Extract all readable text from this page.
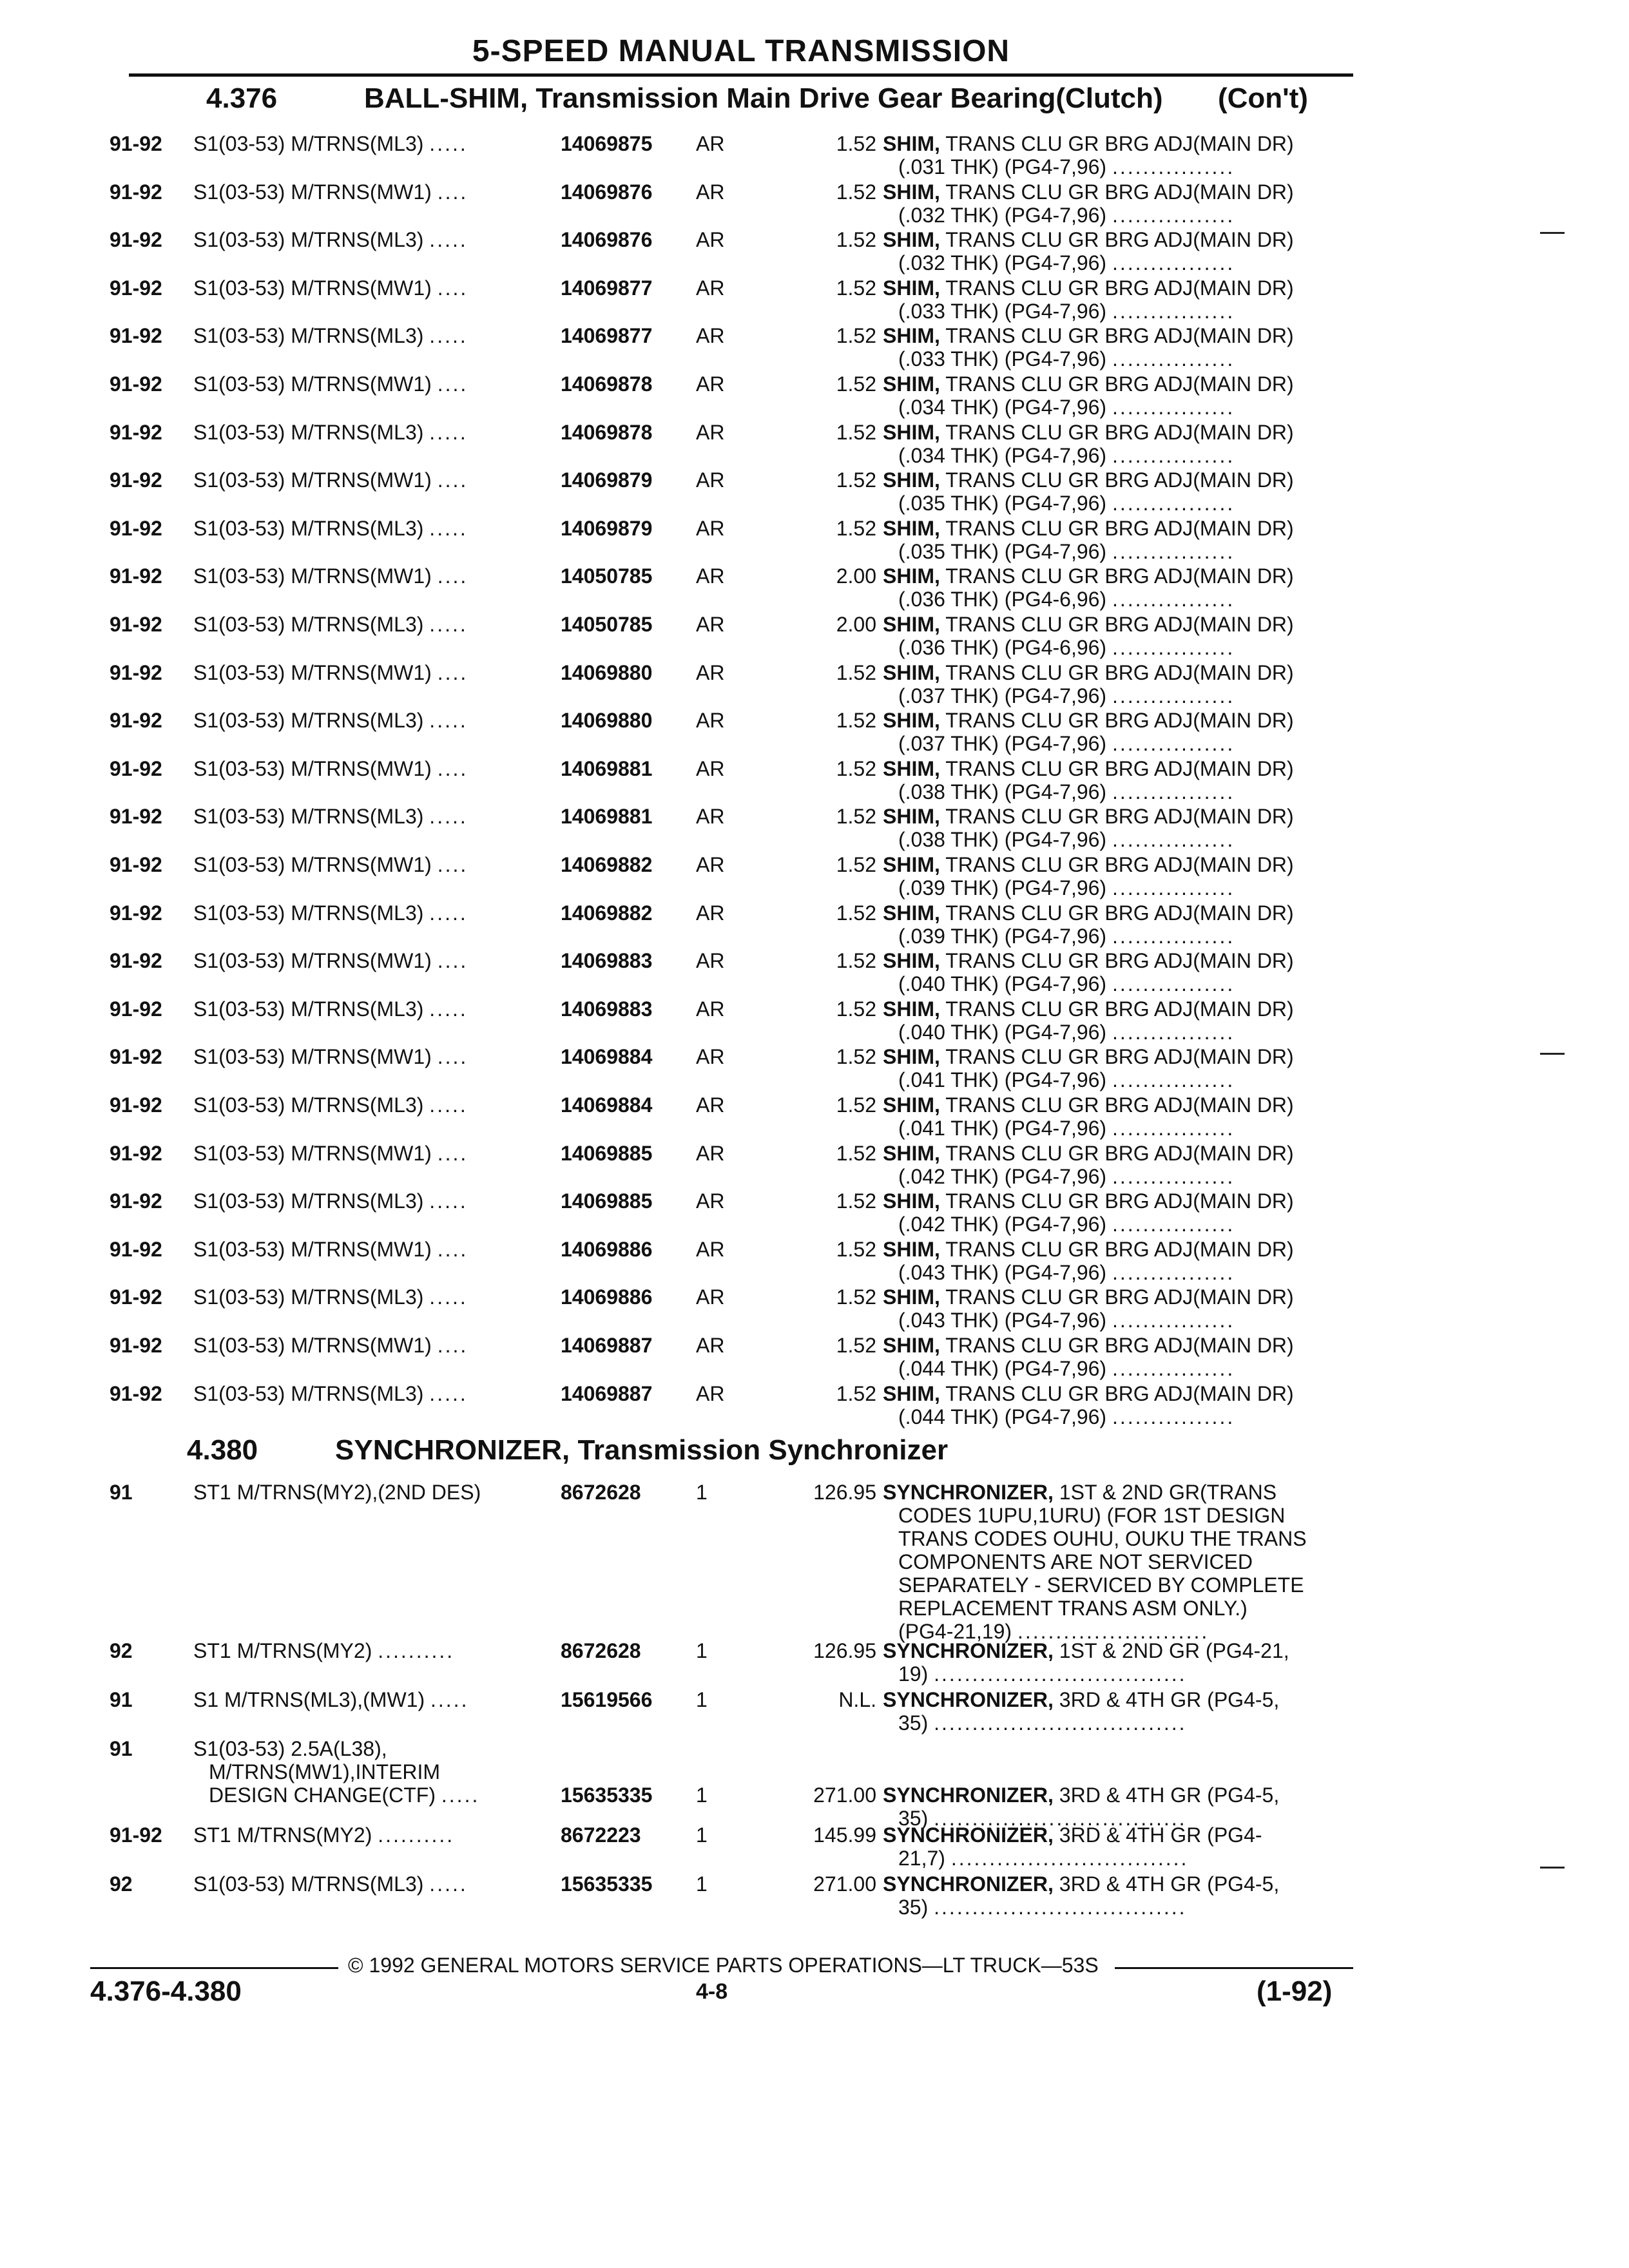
5-SPEED MANUAL TRANSMISSION
4.376	BALL-SHIM, Transmission Main Drive Gear Bearing(Clutch) (Con't)
91-92 S1(03-53) M/TRNS(ML3) .....	14069875 AR	1.52 SHIM, TRANS CLU GR BRG ADJ(MAIN DR)
(.031 THK) (PG4-7,96) ................
91-92 S1(03-53) M/TRNS(MW1) ....	14069876 AR	1.52 SHIM, TRANS CLU GR BRG ADJ(MAIN DR)
(.032 THK) (PG4-7,96) ................
91-92 S1(03-53) M/TRNS(ML3) .....	14069876 AR	1.52 SHIM, TRANS CLU GR BRG ADJ(MAIN DR)
(.032 THK) (PG4-7,96) ................
91-92 S1(03-53) M/TRNS(MW1) ....	14069877 AR	1.52 SHIM, TRANS CLU GR BRG ADJ(MAIN DR)
(.033 THK) (PG4-7,96) ................
91-92 S1(03-53) M/TRNS(ML3) .....	14069877 AR	1.52 SHIM, TRANS CLU GR BRG ADJ(MAIN DR)
(.033 THK) (PG4-7,96) ................
91-92 S1(03-53) M/TRNS(MW1) ....	14069878 AR	1.52 SHIM, TRANS CLU GR BRG ADJ(MAIN DR)
(.034 THK) (PG4-7,96) ................
91-92 S1(03-53) M/TRNS(ML3) .....	14069878 AR	1.52 SHIM, TRANS CLU GR BRG ADJ(MAIN DR)
(.034 THK) (PG4-7,96) ................
91-92 S1(03-53) M/TRNS(MW1) ....	14069879 AR	1.52 SHIM, TRANS CLU GR BRG ADJ(MAIN DR)
(.035 THK) (PG4-7,96) ................
91-92 S1(03-53) M/TRNS(ML3) .....	14069879 AR	1.52 SHIM, TRANS CLU GR BRG ADJ(MAIN DR)
(.035 THK) (PG4-7,96) ................
91-92 S1(03-53) M/TRNS(MW1) ....	14050785 AR	2.00 SHIM, TRANS CLU GR BRG ADJ(MAIN DR)
(.036 THK) (PG4-6,96) ................
91-92 S1(03-53) M/TRNS(ML3) .....	14050785 AR	2.00 SHIM, TRANS CLU GR BRG ADJ(MAIN DR)
(.036 THK) (PG4-6,96) ................
91-92 S1(03-53) M/TRNS(MW1) ....	14069880 AR	1.52 SHIM, TRANS CLU GR BRG ADJ(MAIN DR)
(.037 THK) (PG4-7,96) ................
91-92 S1(03-53) M/TRNS(ML3) .....	14069880 AR	1.52 SHIM, TRANS CLU GR BRG ADJ(MAIN DR)
(.037 THK) (PG4-7,96) ................
91-92 S1(03-53) M/TRNS(MW1) ....	14069881 AR	1.52 SHIM, TRANS CLU GR BRG ADJ(MAIN DR)
(.038 THK) (PG4-7,96) ................
91-92 S1(03-53) M/TRNS(ML3) .....	14069881 AR	1.52 SHIM, TRANS CLU GR BRG ADJ(MAIN DR)
(.038 THK) (PG4-7,96) ................
91-92 S1(03-53) M/TRNS(MW1) ....	14069882 AR	1.52 SHIM, TRANS CLU GR BRG ADJ(MAIN DR)
(.039 THK) (PG4-7,96) ................
91-92 S1(03-53) M/TRNS(ML3) .....	14069882 AR	1.52 SHIM, TRANS CLU GR BRG ADJ(MAIN DR)
(.039 THK) (PG4-7,96) ................
91-92 S1(03-53) M/TRNS(MW1) ....	14069883 AR	1.52 SHIM, TRANS CLU GR BRG ADJ(MAIN DR)
(.040 THK) (PG4-7,96) ................
91-92 S1(03-53) M/TRNS(ML3) .....	14069883 AR	1.52 SHIM, TRANS CLU GR BRG ADJ(MAIN DR)
(.040 THK) (PG4-7,96) ................
91-92 S1(03-53) M/TRNS(MW1) ....	14069884 AR	1.52 SHIM, TRANS CLU GR BRG ADJ(MAIN DR)
(.041 THK) (PG4-7,96) ................
91-92 S1(03-53) M/TRNS(ML3) .....	14069884 AR	1.52 SHIM, TRANS CLU GR BRG ADJ(MAIN DR)
(.041 THK) (PG4-7,96) ................
91-92 S1(03-53) M/TRNS(MW1) ....	14069885 AR	1.52 SHIM, TRANS CLU GR BRG ADJ(MAIN DR)
(.042 THK) (PG4-7,96) ................
91-92 S1(03-53) M/TRNS(ML3) .....	14069885 AR	1.52 SHIM, TRANS CLU GR BRG ADJ(MAIN DR)
(.042 THK) (PG4-7,96) ................
91-92 S1(03-53) M/TRNS(MW1) ....	14069886 AR	1.52 SHIM, TRANS CLU GR BRG ADJ(MAIN DR)
(.043 THK) (PG4-7,96) ................
91-92 S1(03-53) M/TRNS(ML3) .....	14069886 AR	1.52 SHIM, TRANS CLU GR BRG ADJ(MAIN DR)
(.043 THK) (PG4-7,96) ................
91-92 S1(03-53) M/TRNS(MW1) ....	14069887 AR	1.52 SHIM, TRANS CLU GR BRG ADJ(MAIN DR)
(.044 THK) (PG4-7,96) ................
91-92 S1(03-53) M/TRNS(ML3) .....	14069887 AR	1.52 SHIM, TRANS CLU GR BRG ADJ(MAIN DR)
(.044 THK) (PG4-7,96) ................
4.380	SYNCHRONIZER, Transmission Synchronizer
91	ST1 M/TRNS(MY2),(2ND DES)	8672628	1	126.95 SYNCHRONIZER, 1ST & 2ND GR(TRANS
CODES 1UPU,1URU) (FOR 1ST DESIGN
TRANS CODES OUHU, OUKU THE TRANS
COMPONENTS ARE NOT SERVICED
SEPARATELY - SERVICED BY COMPLETE
REPLACEMENT TRANS ASM ONLY.)
(PG4-21,19) .........................
92	ST1 M/TRNS(MY2) ..........	8672628	1	126.95 SYNCHRONIZER, 1ST & 2ND GR (PG4-21,
19) .................................
91	S1 M/TRNS(ML3),(MW1) .....	15619566 1	N.L. SYNCHRONIZER, 3RD & 4TH GR (PG4-5,
35) .................................
91	S1(03-53) 2.5A(L38),
M/TRNS(MW1),INTERIM
DESIGN CHANGE(CTF) .....	15635335 1	271.00 SYNCHRONIZER, 3RD & 4TH GR (PG4-5,
35) .................................
91-92 ST1 M/TRNS(MY2) ..........	8672223	1	145.99 SYNCHRONIZER, 3RD & 4TH GR (PG4-
21,7) ...............................
92	S1(03-53) M/TRNS(ML3) .....	15635335 1	271.00 SYNCHRONIZER, 3RD & 4TH GR (PG4-5,
35) .................................
© 1992 GENERAL MOTORS SERVICE PARTS OPERATIONS—LT TRUCK—53S
4.376-4.380	4-8	(1-92)
